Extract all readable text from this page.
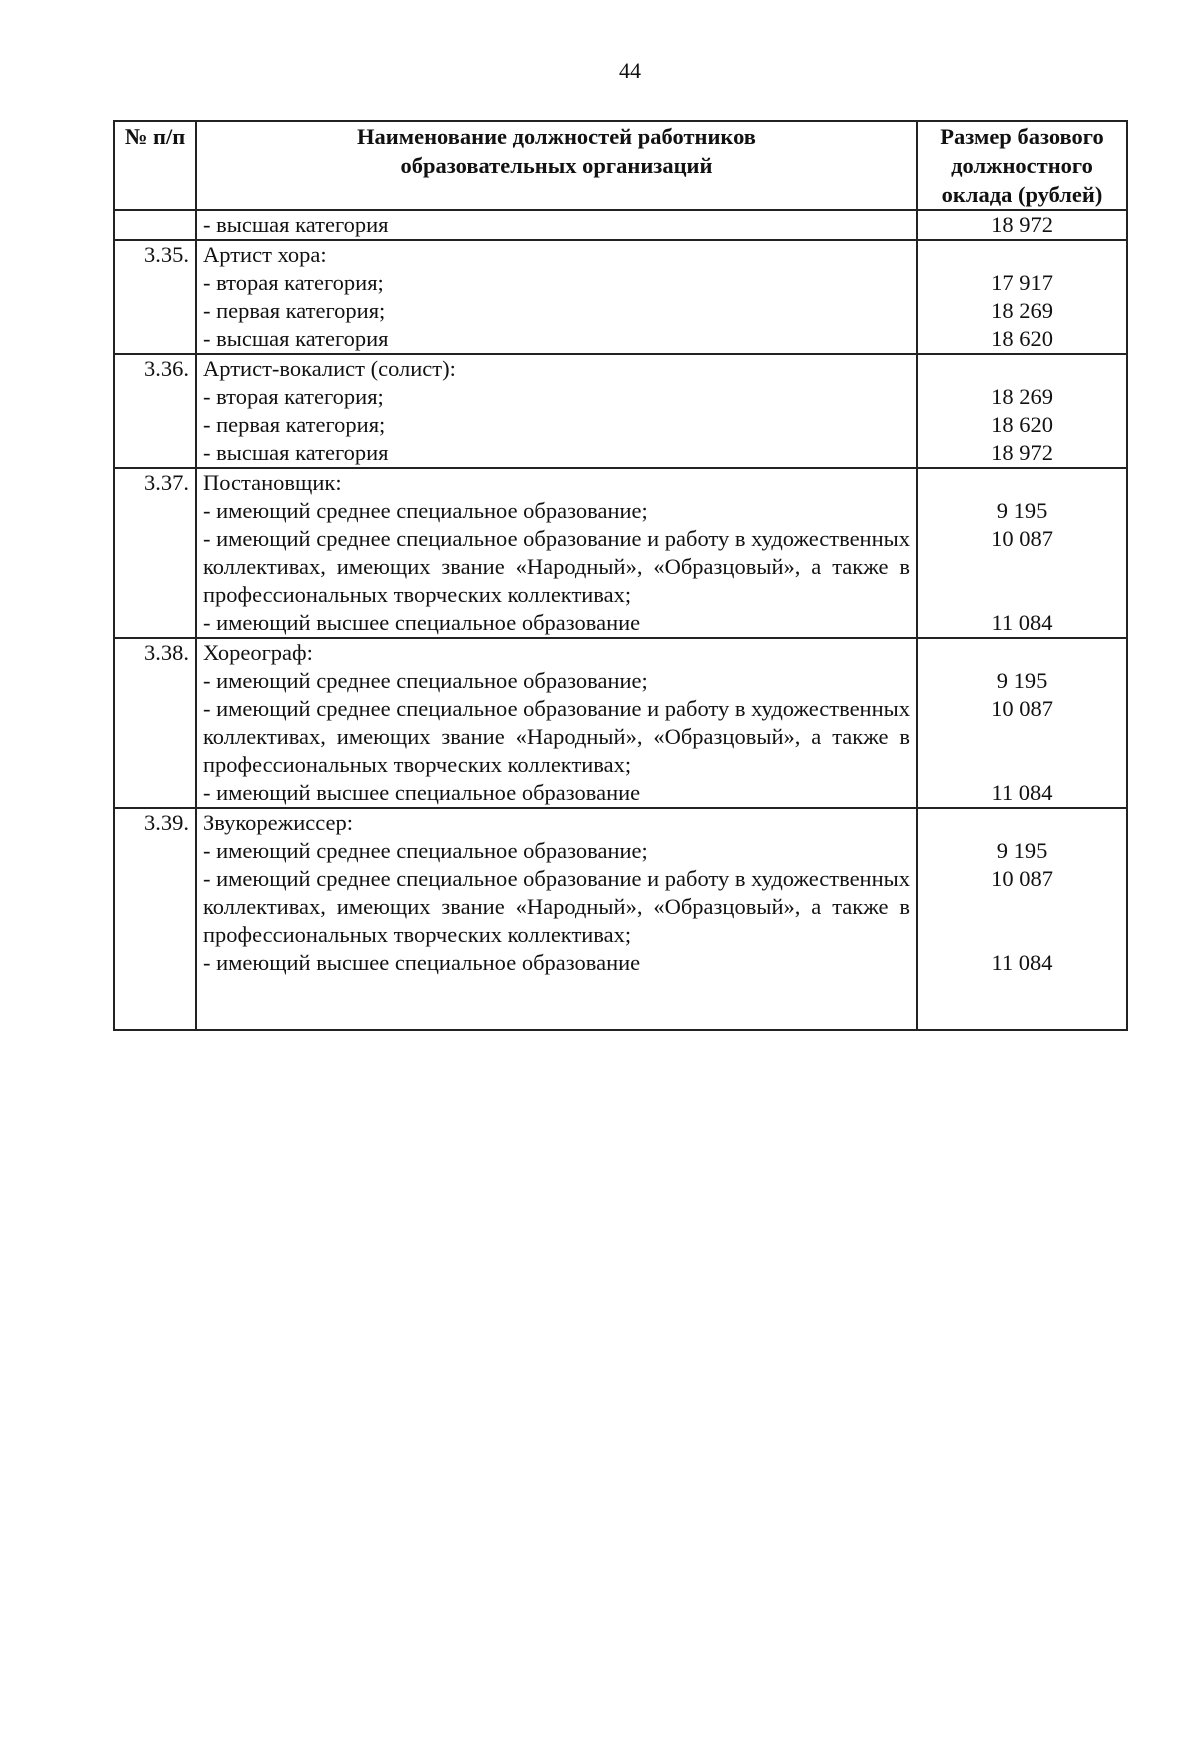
44
№ п/п	Наименование должностей работников образовательных организаций	Размер базового должностного оклада (рублей)
	- высшая категория	18 972
3.35.	Артист хора:	
	- вторая категория;	17 917
	- первая категория;	18 269
	- высшая категория	18 620
3.36.	Артист-вокалист (солист):	
	- вторая категория;	18 269
	- первая категория;	18 620
	- высшая категория	18 972
3.37.	Постановщик:	
	- имеющий среднее специальное образование;	9 195
	- имеющий среднее специальное образование и работу в художественных коллективах, имеющих звание «Народный», «Образцовый», а также в профессиональных творческих коллективах;	10 087
	- имеющий высшее специальное образование	11 084
3.38.	Хореограф:	
	- имеющий среднее специальное образование;	9 195
	- имеющий среднее специальное образование и работу в художественных коллективах, имеющих звание «Народный», «Образцовый», а также в профессиональных творческих коллективах;	10 087
	- имеющий высшее специальное образование	11 084
3.39.	Звукорежиссер:	
	- имеющий среднее специальное образование;	9 195
	- имеющий среднее специальное образование и работу в художественных коллективах, имеющих звание «Народный», «Образцовый», а также в профессиональных творческих коллективах;	10 087
	- имеющий высшее специальное образование	11 084
